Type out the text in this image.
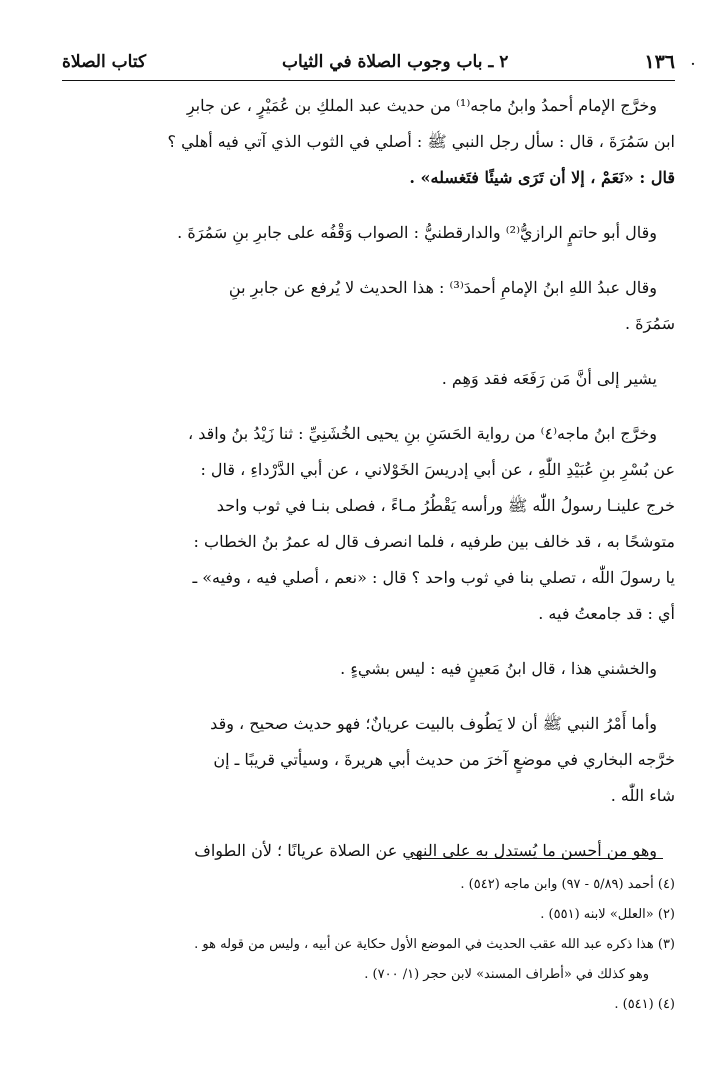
١٣٦
٢ ـ باب وجوب الصلاة في الثياب
كتاب الصلاة	·

وخرَّج الإمام أحمدُ وابنُ ماجه⁽¹⁾ من حديث عبد الملكِ بن عُمَيْرٍ ، عن جابرِ
ابن سَمُرَةَ ، قال : سأل رجل النبي ﷺ : أصلي في الثوب الذي آتي فيه أهلي ؟
قال : «نَعَمْ ، إلا أن تَرَى شيئًا فتَغسله» .

وقال أبو حاتمٍ الرازيُّ⁽²⁾ والدارقطنيُّ : الصواب وَقْفُه على جابرِ بنِ سَمُرَةَ .

وقال عبدُ اللهِ ابنُ الإمامِ أحمدَ⁽³⁾ : هذا الحديث لا يُرفع عن جابرِ بنِ
سَمُرَةَ .

يشير إلى أنَّ مَن رَفَعَه فقد وَهِم .

وخرَّج ابنُ ماجه⁽٤⁾ من رواية الحَسَنِ بنِ يحيى الخُشَنِيِّ : ثنا زَيْدُ بنُ واقد ،
عن بُسْرِ بنِ عُبَيْدِ اللّٰهِ ، عن أبي إدريسَ الخَوْلاني ، عن أبي الدَّرْداءِ ، قال :
خرج علينـا رسولُ اللّٰه ﷺ ورأسه يَقْطُرُ مـاءً ، فصلى بنـا في ثوب واحد
متوشحًا به ، قد خالف بين طرفيه ، فلما انصرف قال له عمرُ بنُ الخطاب :
يا رسولَ اللّٰه ، تصلي بنا في ثوب واحد ؟ قال : «نعم ، أصلي فيه ، وفيه» ـ
أي : قد جامعتُ فيه .

والخشني هذا ، قال ابنُ مَعينٍ فيه : ليس بشيءٍ .

وأما أَمْرُ النبي ﷺ أن لا يَطُوف بالبيت عريانٌ؛ فهو حديث صحيح ، وقد
خرَّجه البخاري في موضعٍ آخرَ من حديث أبي هريرةَ ، وسيأتي قريبًا ـ إن
شاء اللّٰه .

وهو من أحسن ما يُستدل به على النهي عن الصلاة عريانًا ؛ لأن الطواف

(٤) أحمد (٥/٨٩ - ٩٧) وابن ماجه (٥٤٢) .
(٢) «العلل» لابنه (٥٥١) .
(٣) هذا ذكره عبد الله عقب الحديث في الموضع الأول حكاية عن أبيه ، وليس من قوله هو .
وهو كذلك في «أطراف المسند» لابن حجر (١/ ٧٠٠) .
(٤) (٥٤١) .
